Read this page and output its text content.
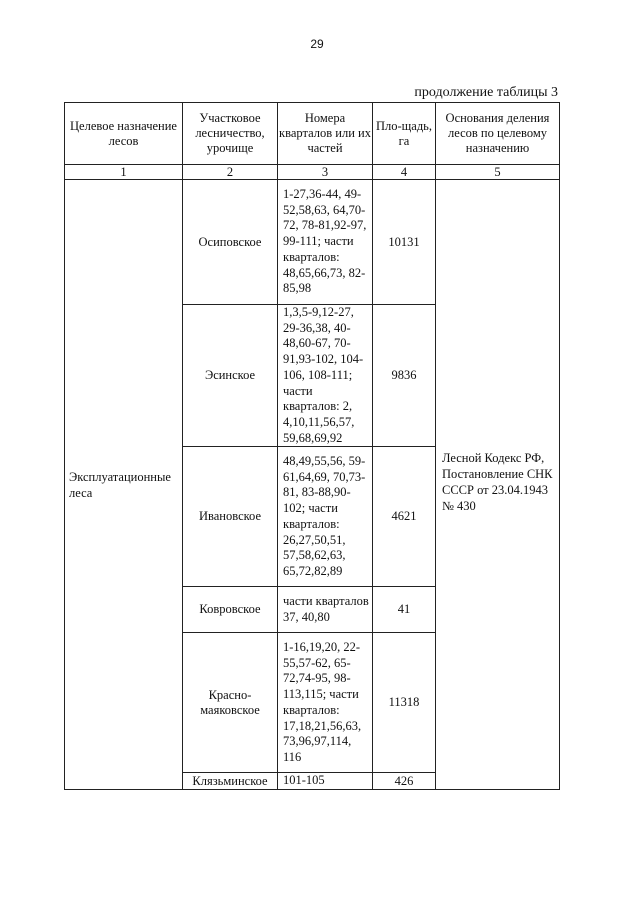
29
продолжение таблицы 3
Целевое назначение лесов	Участковое лесничество, урочище	Номера кварталов или их частей	Пло-щадь, га	Основания деления лесов по целевому назначению
1	2	3	4	5
Эксплуатационные леса	Осиповское	1-27,36-44, 49-52,58,63, 64,70-72, 78-81,92-97, 99-111; части кварталов: 48,65,66,73, 82-85,98	10131	Лесной Кодекс РФ, Постановление СНК СССР от 23.04.1943 № 430
	Эсинское	1,3,5-9,12-27, 29-36,38, 40-48,60-67, 70-91,93-102, 104-106, 108-111; части кварталов: 2, 4,10,11,56,57, 59,68,69,92	9836	
	Ивановское	48,49,55,56, 59-61,64,69, 70,73-81, 83-88,90-102; части кварталов: 26,27,50,51, 57,58,62,63, 65,72,82,89	4621	
	Ковровское	части кварталов 37, 40,80	41	
	Красно-маяковское	1-16,19,20, 22-55,57-62, 65-72,74-95, 98-113,115; части кварталов: 17,18,21,56,63, 73,96,97,114, 116	11318	
	Клязьминское	101-105	426	
